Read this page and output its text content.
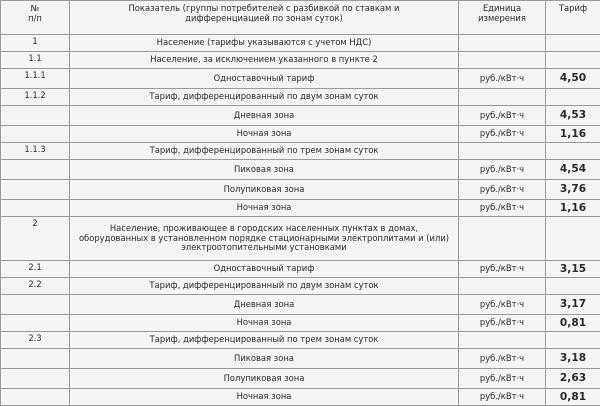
№
п/п	Показатель (группы потребителей с разбивкой по ставкам и дифференциацией по зонам суток)	Единица измерения	Тариф
1	Население (тарифы указываются с учетом НДС)		
1.1	Население, за исключением указанного в пункте 2		
1.1.1	Одноставочный тариф	руб./кВт·ч	4,50
1.1.2	Тариф, дифференцированный по двум зонам суток		
	Дневная зона	руб./кВт·ч	4,53
	Ночная зона	руб./кВт·ч	1,16
1.1.3	Тариф, дифференцированный по трем зонам суток		
	Пиковая зона	руб./кВт·ч	4,54
	Полупиковая зона	руб./кВт·ч	3,76
	Ночная зона	руб./кВт·ч	1,16
2	Население, проживающее в городских населенных пунктах в домах, оборудованных в установленном порядке стационарными электроплитами и (или) электроотопительными установками		
2.1	Одноставочный тариф	руб./кВт·ч	3,15
2.2	Тариф, дифференцированный по двум зонам суток		
	Дневная зона	руб./кВт·ч	3,17
	Ночная зона	руб./кВт·ч	0,81
2.3	Тариф, дифференцированный по трем зонам суток		
	Пиковая зона	руб./кВт·ч	3,18
	Полупиковая зона	руб./кВт·ч	2,63
	Ночная зона	руб./кВт·ч	0,81
